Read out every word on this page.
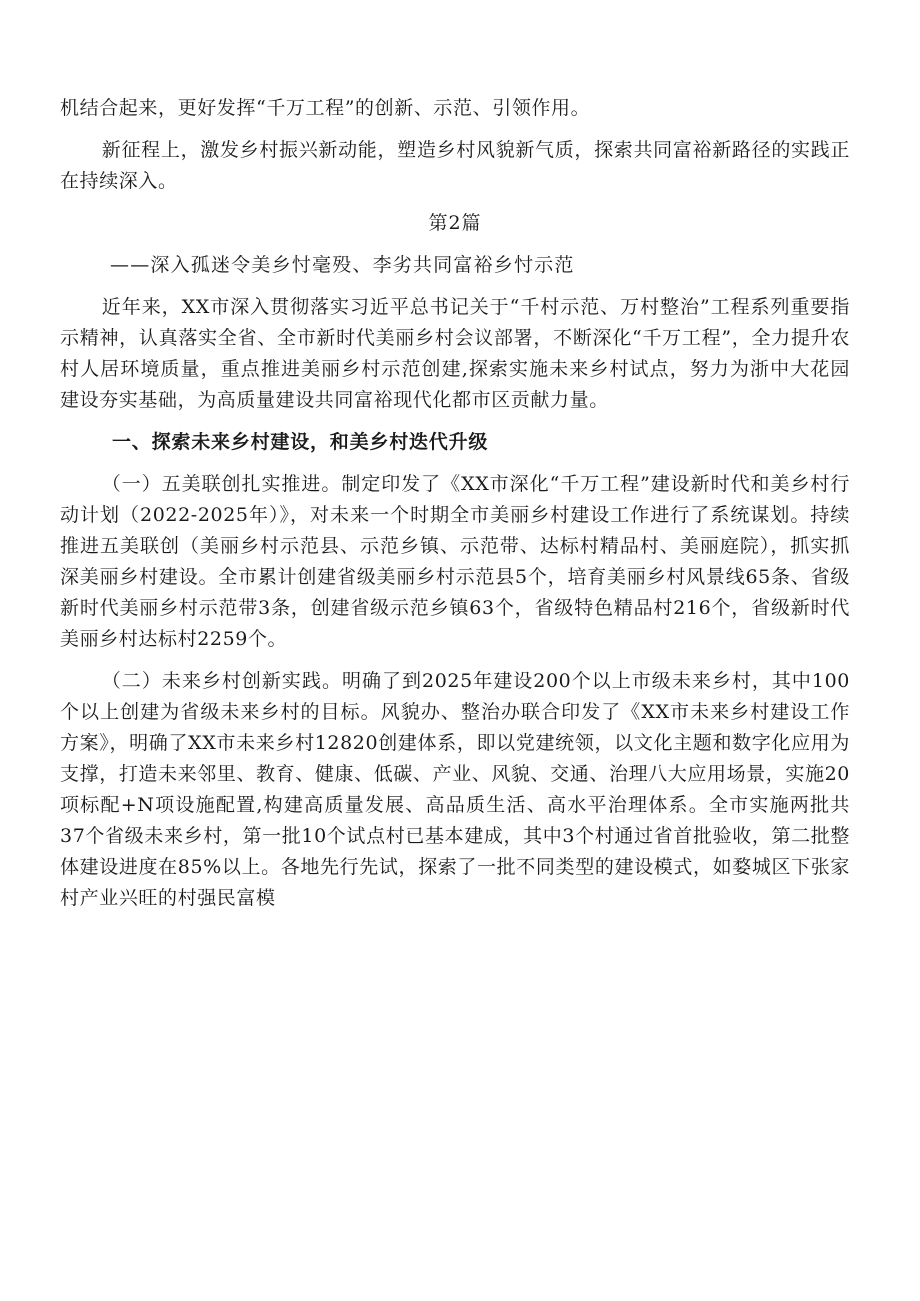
机结合起来，更好发挥“千万工程”的创新、示范、引领作用。

新征程上，激发乡村振兴新动能，塑造乡村风貌新气质，探索共同富裕新路径的实践正在持续深入。

第2篇

——深入孤迷令美乡忖毫殁、李劣共同富裕乡忖示范

近年来，XX市深入贯彻落实习近平总书记关于“千村示范、万村整治”工程系列重要指示精神，认真落实全省、全市新时代美丽乡村会议部署，不断深化“千万工程”，全力提升农村人居环境质量，重点推进美丽乡村示范创建,探索实施未来乡村试点，努力为浙中大花园建设夯实基础，为高质量建设共同富裕现代化都市区贡献力量。

一、探索未来乡村建设，和美乡村迭代升级

（一）五美联创扎实推进。制定印发了《XX市深化“千万工程”建设新时代和美乡村行动计划（2022-2025年）》，对未来一个时期全市美丽乡村建设工作进行了系统谋划。持续推进五美联创（美丽乡村示范县、示范乡镇、示范带、达标村精品村、美丽庭院），抓实抓深美丽乡村建设。全市累计创建省级美丽乡村示范县5个，培育美丽乡村风景线65条、省级新时代美丽乡村示范带3条，创建省级示范乡镇63个，省级特色精品村216个，省级新时代美丽乡村达标村2259个。

（二）未来乡村创新实践。明确了到2025年建设200个以上市级未来乡村，其中100个以上创建为省级未来乡村的目标。风貌办、整治办联合印发了《XX市未来乡村建设工作方案》，明确了XX市未来乡村12820创建体系，即以党建统领，以文化主题和数字化应用为支撑，打造未来邻里、教育、健康、低碳、产业、风貌、交通、治理八大应用场景，实施20项标配+N项设施配置,构建高质量发展、高品质生活、高水平治理体系。全市实施两批共37个省级未来乡村，第一批10个试点村已基本建成，其中3个村通过省首批验收，第二批整体建设进度在85%以上。各地先行先试，探索了一批不同类型的建设模式，如婺城区下张家村产业兴旺的村强民富模
